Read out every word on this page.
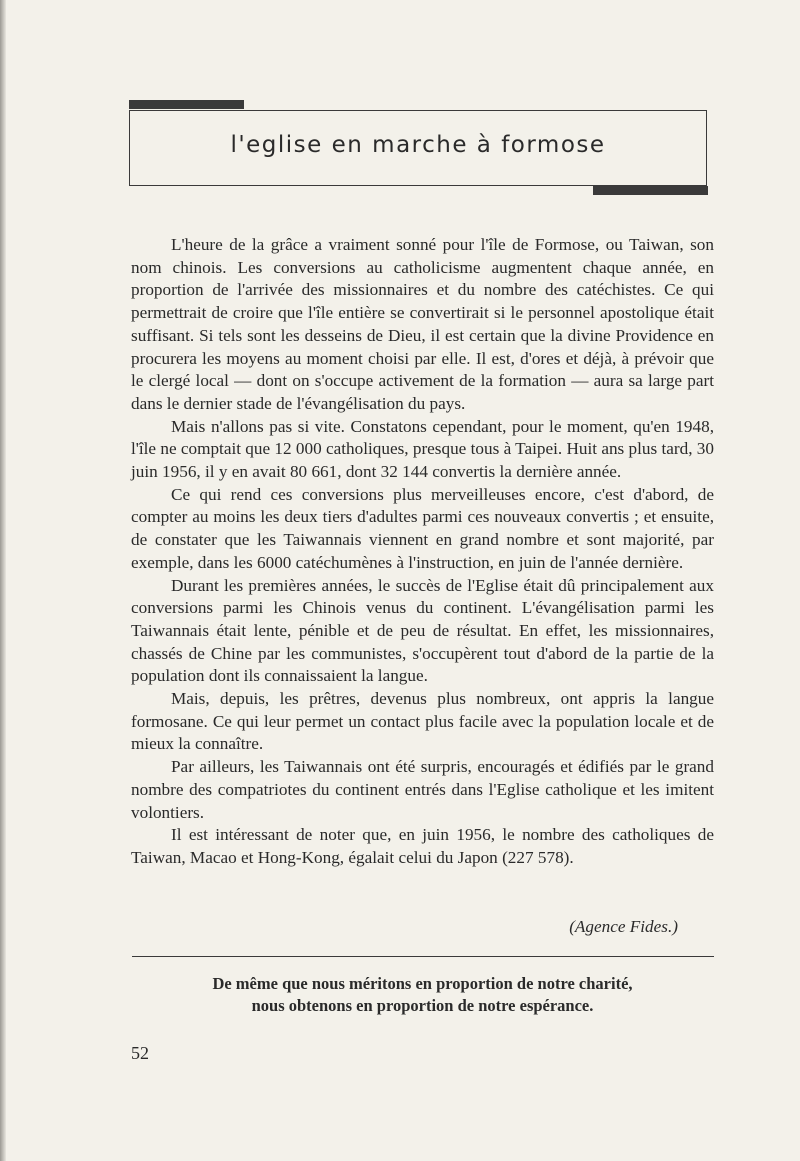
l'eglise en marche à formose

L'heure de la grâce a vraiment sonné pour l'île de Formose, ou Taiwan, son nom chinois. Les conversions au catholicisme augmentent chaque année, en proportion de l'arrivée des missionnaires et du nombre des catéchistes. Ce qui permettrait de croire que l'île entière se convertirait si le personnel apostolique était suffisant. Si tels sont les desseins de Dieu, il est certain que la divine Providence en procurera les moyens au moment choisi par elle. Il est, d'ores et déjà, à prévoir que le clergé local — dont on s'occupe activement de la formation — aura sa large part dans le dernier stade de l'évangélisation du pays.

Mais n'allons pas si vite. Constatons cependant, pour le moment, qu'en 1948, l'île ne comptait que 12 000 catholiques, presque tous à Taipei. Huit ans plus tard, 30 juin 1956, il y en avait 80 661, dont 32 144 convertis la dernière année.

Ce qui rend ces conversions plus merveilleuses encore, c'est d'abord, de compter au moins les deux tiers d'adultes parmi ces nouveaux convertis ; et ensuite, de constater que les Taiwannais viennent en grand nombre et sont majorité, par exemple, dans les 6000 catéchumènes à l'instruction, en juin de l'année dernière.

Durant les premières années, le succès de l'Eglise était dû principalement aux conversions parmi les Chinois venus du continent. L'évangélisation parmi les Taiwannais était lente, pénible et de peu de résultat. En effet, les missionnaires, chassés de Chine par les communistes, s'occupèrent tout d'abord de la partie de la population dont ils connaissaient la langue.

Mais, depuis, les prêtres, devenus plus nombreux, ont appris la langue formosane. Ce qui leur permet un contact plus facile avec la population locale et de mieux la connaître.

Par ailleurs, les Taiwannais ont été surpris, encouragés et édifiés par le grand nombre des compatriotes du continent entrés dans l'Eglise catholique et les imitent volontiers.

Il est intéressant de noter que, en juin 1956, le nombre des catholiques de Taiwan, Macao et Hong-Kong, égalait celui du Japon (227 578).

(Agence Fides.)
De même que nous méritons en proportion de notre charité,
nous obtenons en proportion de notre espérance.
52
